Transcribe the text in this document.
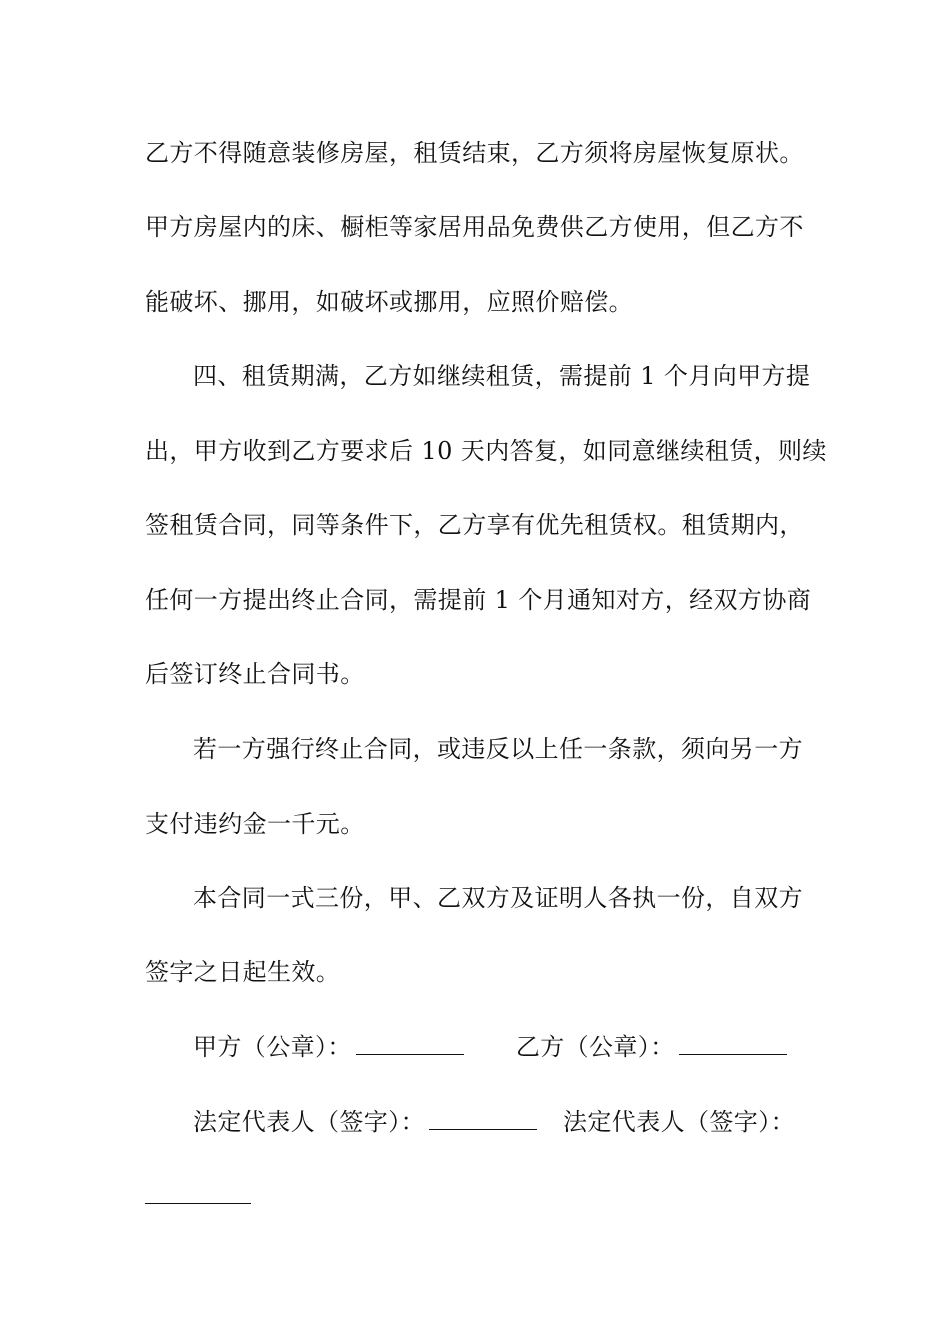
乙方不得随意装修房屋，租赁结束，乙方须将房屋恢复原状。
甲方房屋内的床、橱柜等家居用品免费供乙方使用，但乙方不
能破坏、挪用，如破坏或挪用，应照价赔偿。
四、租赁期满，乙方如继续租赁，需提前 1 个月向甲方提
出，甲方收到乙方要求后 10 天内答复，如同意继续租赁，则续
签租赁合同，同等条件下，乙方享有优先租赁权。租赁期内，
任何一方提出终止合同，需提前 1 个月通知对方，经双方协商
后签订终止合同书。
若一方强行终止合同，或违反以上任一条款，须向另一方
支付违约金一千元。
本合同一式三份，甲、乙双方及证明人各执一份，自双方
签字之日起生效。
甲方（公章）：	乙方（公章）：
法定代表人（签字）：	法定代表人（签字）：
